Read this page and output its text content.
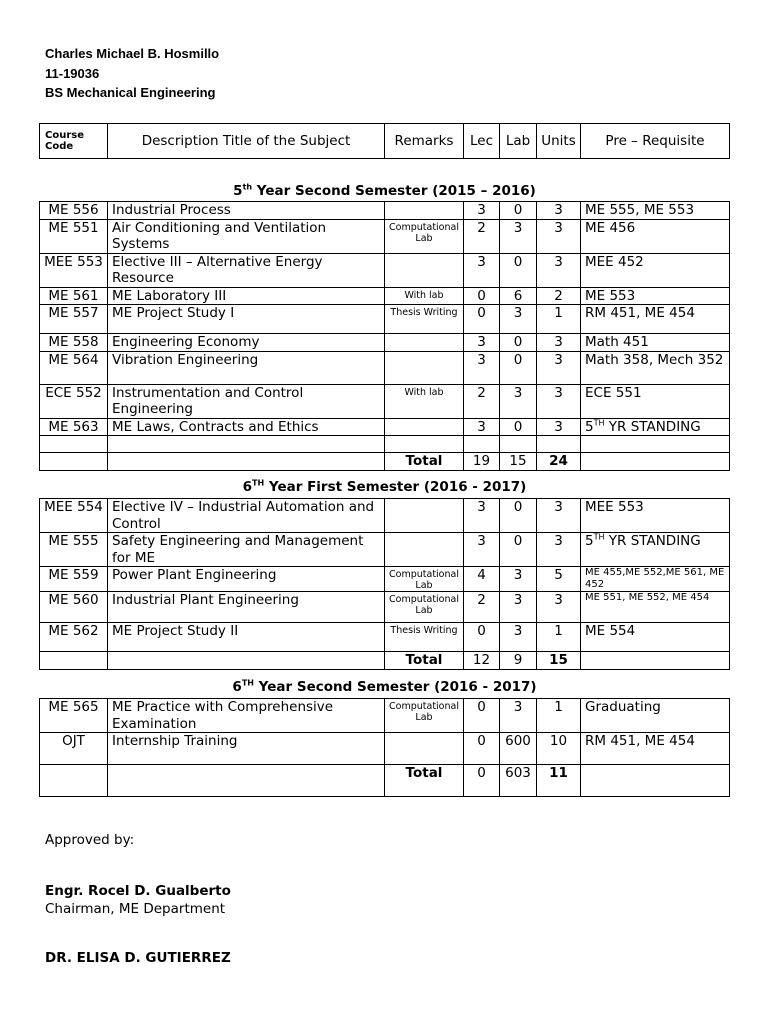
Charles Michael B. Hosmillo
11-19036
BS Mechanical Engineering
Course Code	Description Title of the Subject	Remarks	Lec	Lab	Units	Pre – Requisite
5th Year Second Semester (2015 – 2016)
ME 556	Industrial Process		3	0	3	ME 555, ME 553
ME 551	Air Conditioning and Ventilation Systems	Computational Lab	2	3	3	ME 456
MEE 553	Elective III – Alternative Energy Resource		3	0	3	MEE 452
ME 561	ME Laboratory III	With lab	0	6	2	ME 553
ME 557	ME Project Study I	Thesis Writing	0	3	1	RM 451, ME 454
ME 558	Engineering Economy		3	0	3	Math 451
ME 564	Vibration Engineering		3	0	3	Math 358, Mech 352
ECE 552	Instrumentation and Control Engineering	With lab	2	3	3	ECE 551
ME 563	ME Laws, Contracts and Ethics		3	0	3	5TH YR STANDING

		Total	19	15	24	
6TH Year First Semester (2016 - 2017)
MEE 554	Elective IV – Industrial Automation and Control		3	0	3	MEE 553
ME 555	Safety Engineering and Management for ME		3	0	3	5TH YR STANDING
ME 559	Power Plant Engineering	Computational Lab	4	3	5	ME 455,ME 552,ME 561, ME 452
ME 560	Industrial Plant Engineering	Computational Lab	2	3	3	ME 551, ME 552, ME 454
ME 562	ME Project Study II	Thesis Writing	0	3	1	ME 554
		Total	12	9	15	
6TH Year Second Semester (2016 - 2017)
ME 565	ME Practice with Comprehensive Examination	Computational Lab	0	3	1	Graduating
OJT	Internship Training		0	600	10	RM 451, ME 454
		Total	0	603	11	
Approved by:
Engr. Rocel D. Gualberto
Chairman, ME Department
DR. ELISA D. GUTIERREZ
